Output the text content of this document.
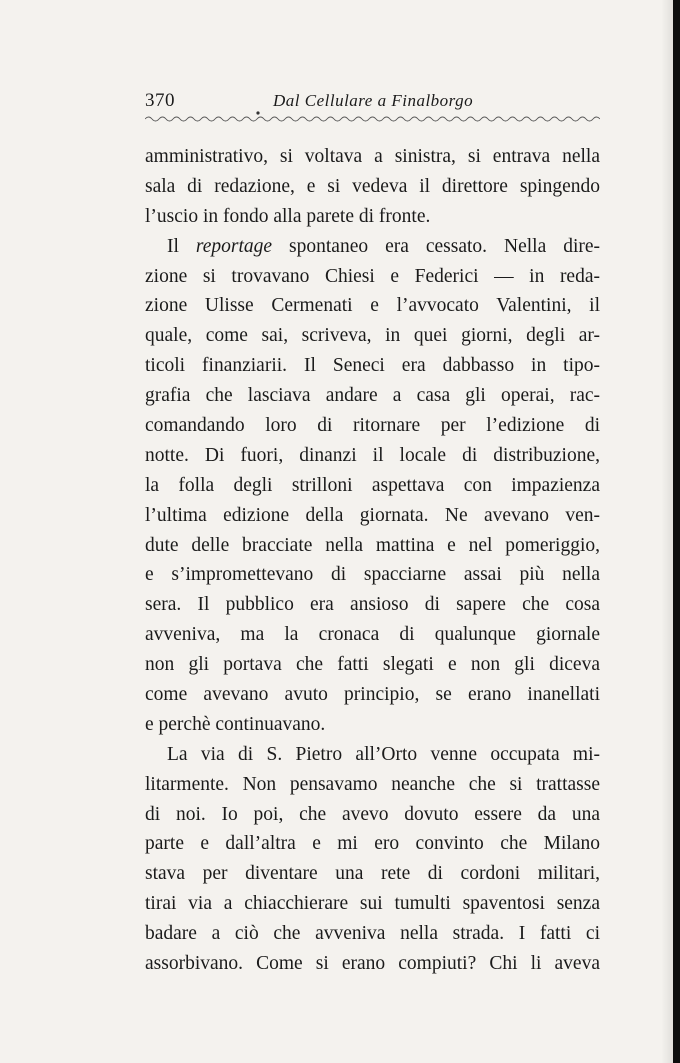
370	Dal Cellulare a Finalborgo
amministrativo, si voltava a sinistra, si entrava nella
sala di redazione, e si vedeva il direttore spingendo
l’uscio in fondo alla parete di fronte.
Il reportage spontaneo era cessato. Nella dire-
zione si trovavano Chiesi e Federici — in reda-
zione Ulisse Cermenati e l’avvocato Valentini, il
quale, come sai, scriveva, in quei giorni, degli ar-
ticoli finanziarii. Il Seneci era dabbasso in tipo-
grafia che lasciava andare a casa gli operai, rac-
comandando loro di ritornare per l’edizione di
notte. Di fuori, dinanzi il locale di distribuzione,
la folla degli strilloni aspettava con impazienza
l’ultima edizione della giornata. Ne avevano ven-
dute delle bracciate nella mattina e nel pomeriggio,
e s’impromettevano di spacciarne assai più nella
sera. Il pubblico era ansioso di sapere che cosa
avveniva, ma la cronaca di qualunque giornale
non gli portava che fatti slegati e non gli diceva
come avevano avuto principio, se erano inanellati
e perchè continuavano.
La via di S. Pietro all’Orto venne occupata mi-
litarmente. Non pensavamo neanche che si trattasse
di noi. Io poi, che avevo dovuto essere da una
parte e dall’altra e mi ero convinto che Milano
stava per diventare una rete di cordoni militari,
tirai via a chiacchierare sui tumulti spaventosi senza
badare a ciò che avveniva nella strada. I fatti ci
assorbivano. Come si erano compiuti? Chi li aveva
